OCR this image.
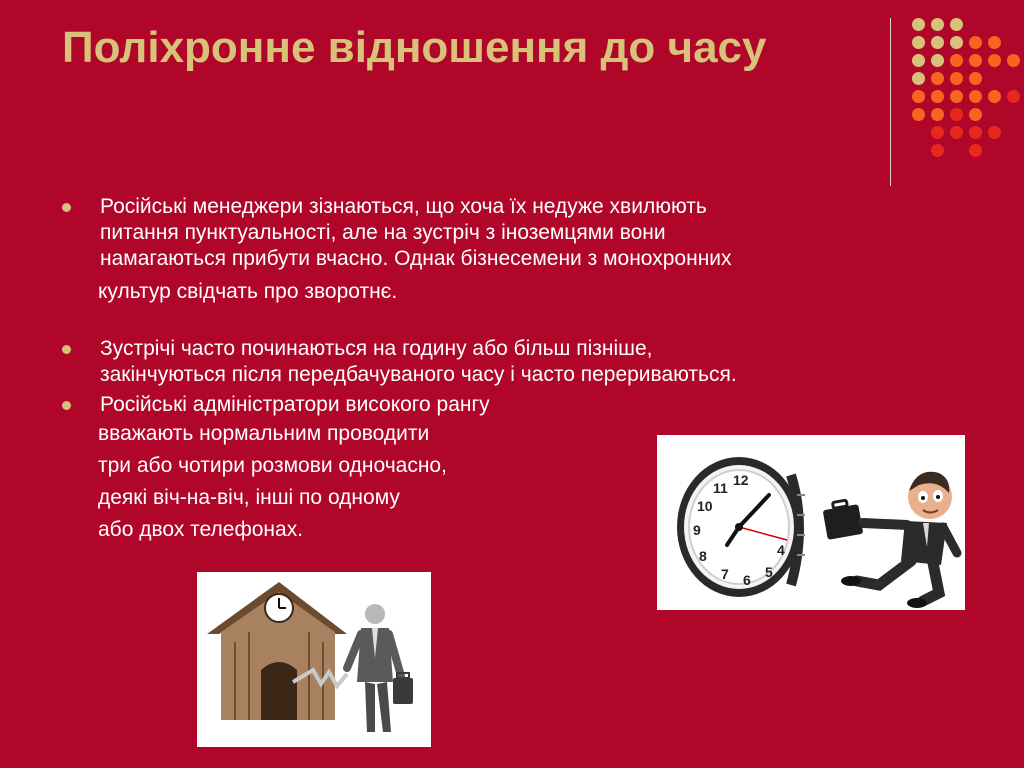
Поліхронне відношення до часу
Російські менеджери зізнаються, що хоча їх недуже хвилюють
питання пунктуальності, але на зустріч з іноземцями вони
намагаються прибути вчасно. Однак бізнесемени з монохронних
культур свідчать про зворотнє.
Зустрічі часто починаються на годину або більш пізніше,
закінчуються після передбачуваного часу і часто перериваються.
Російські адміністратори високого рангу
вважають нормальним проводити
три або чотири розмови одночасно,
деякі віч-на-віч, інші по одному
або двох телефонах.
12
10
9
8
7 6 5
4
11
